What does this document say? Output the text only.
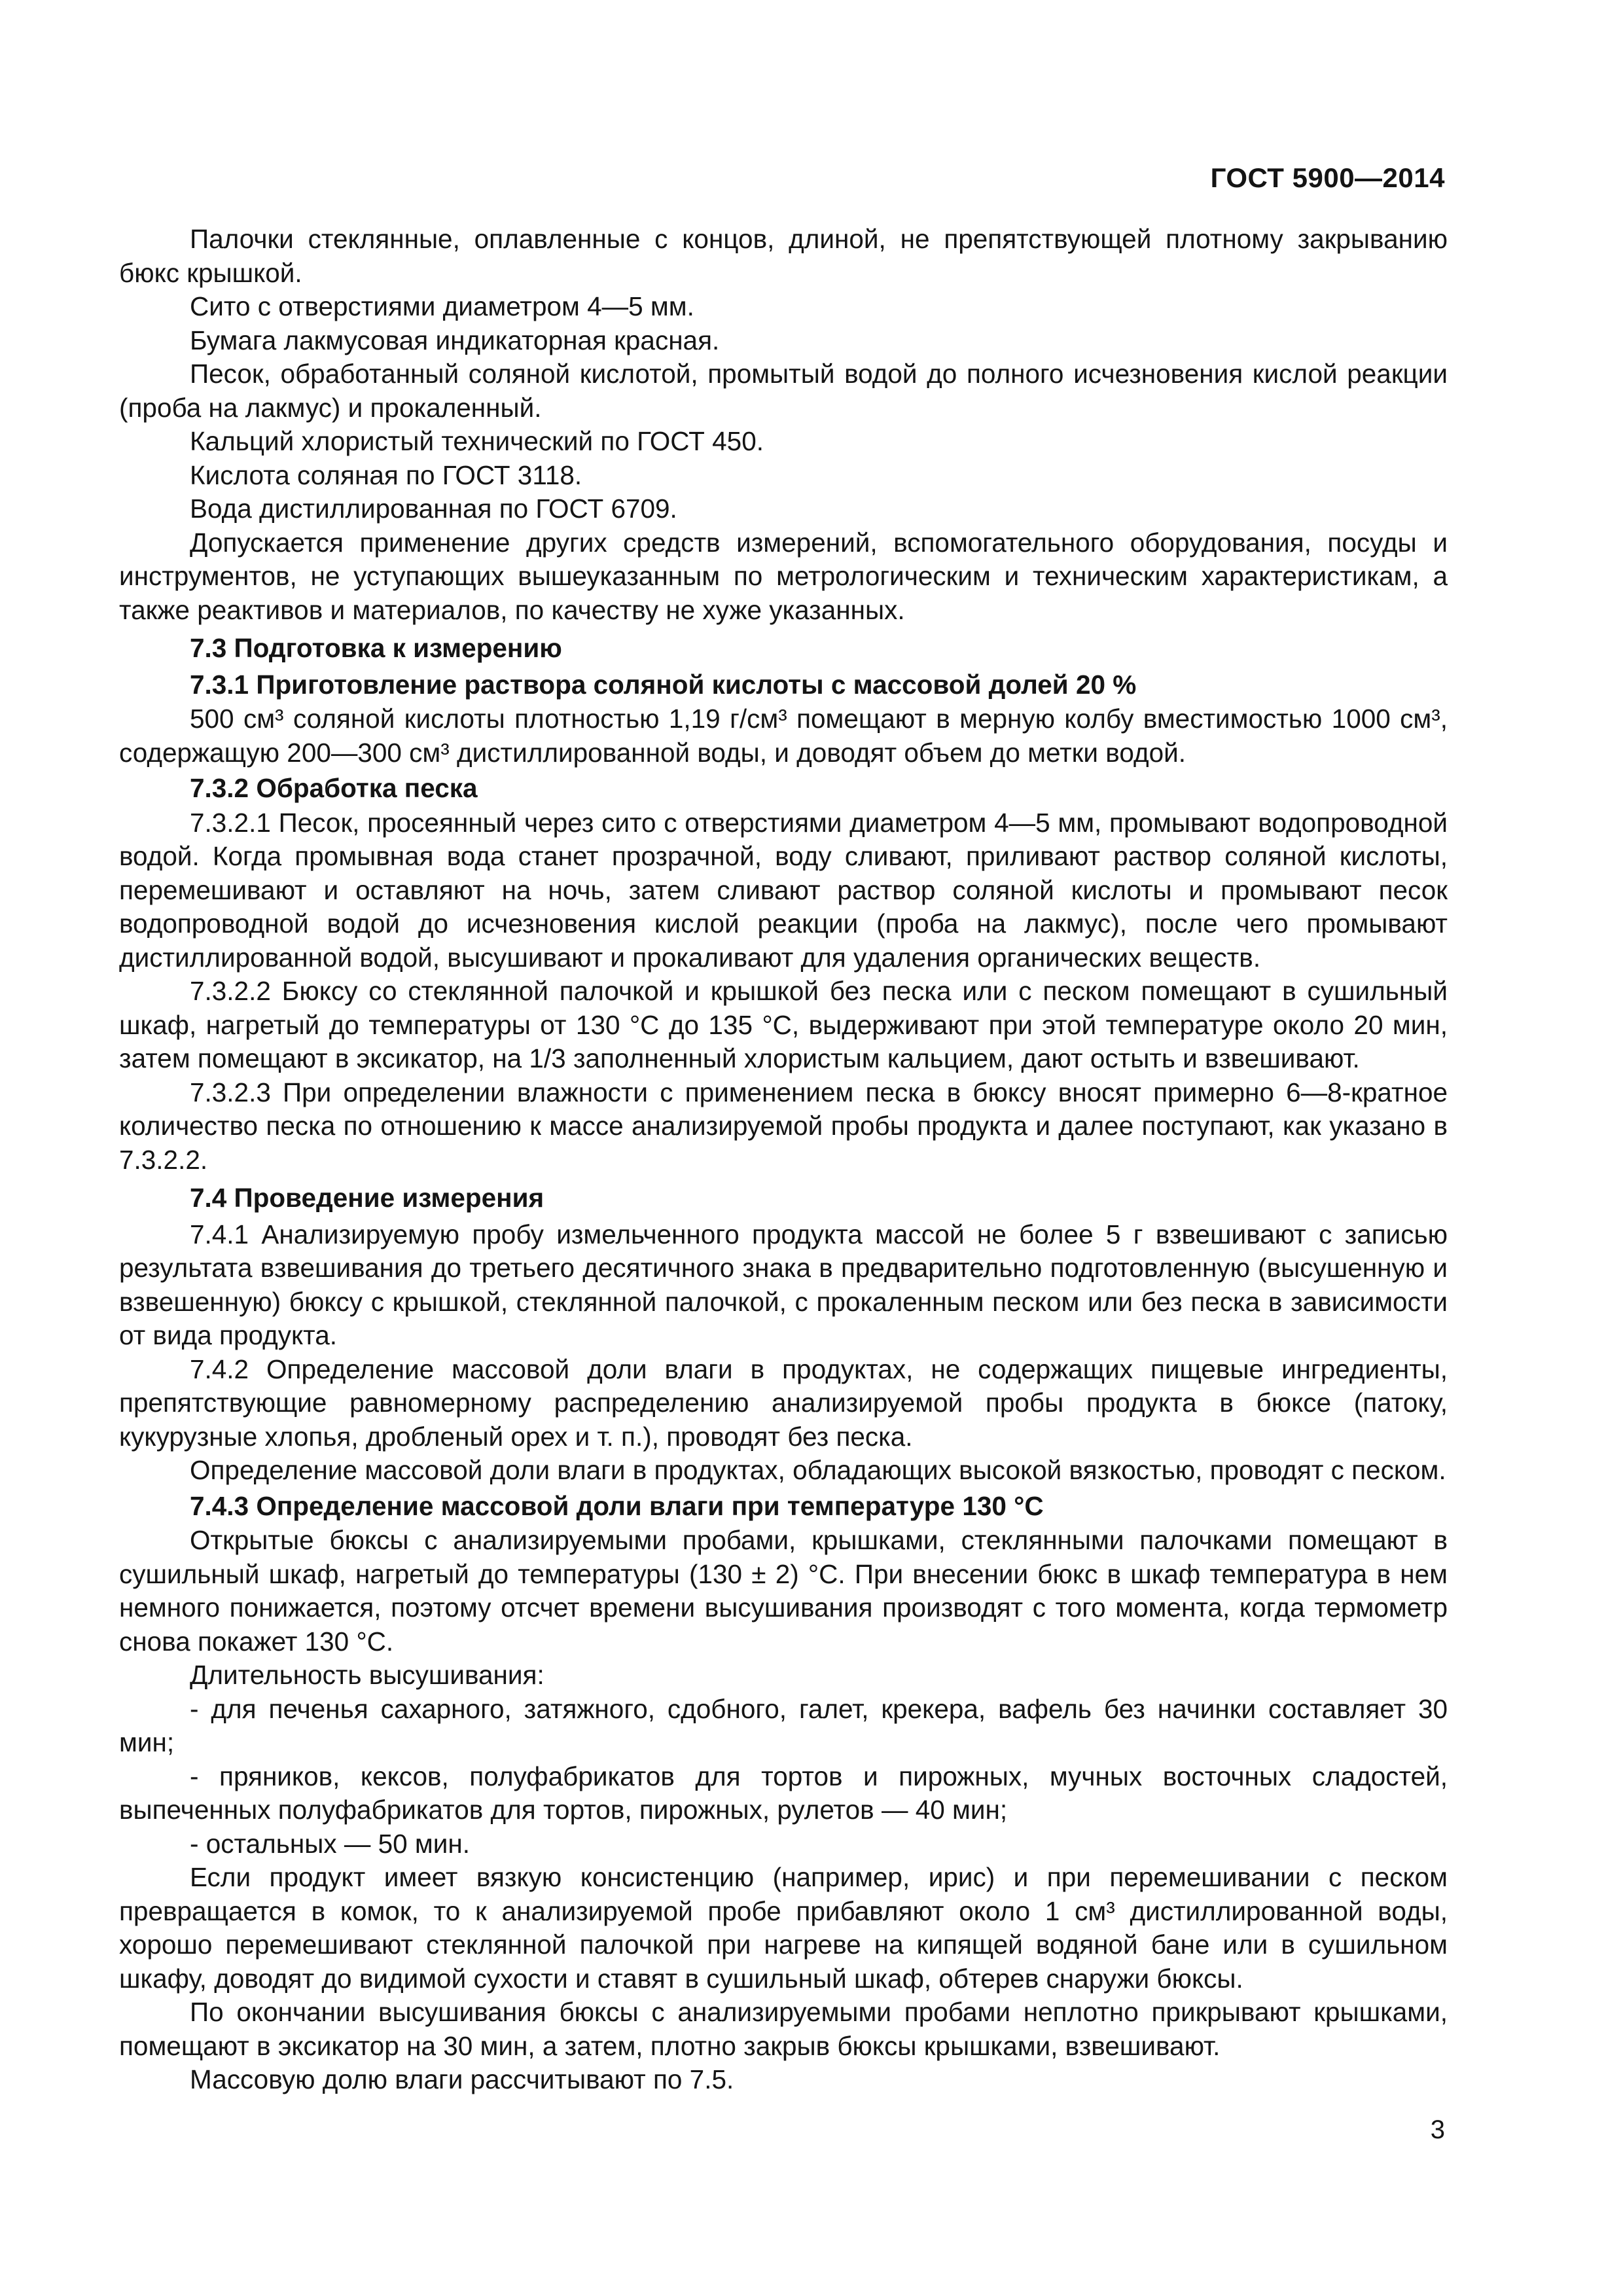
ГОСТ 5900—2014

Палочки стеклянные, оплавленные с концов, длиной, не препятствующей плотному закрыванию бюкс крышкой.

Сито с отверстиями диаметром 4—5 мм.

Бумага лакмусовая индикаторная красная.

Песок, обработанный соляной кислотой, промытый водой до полного исчезновения кислой реакции (проба на лакмус) и прокаленный.

Кальций хлористый технический по ГОСТ 450.

Кислота соляная по ГОСТ 3118.

Вода дистиллированная по ГОСТ 6709.

Допускается применение других средств измерений, вспомогательного оборудования, посуды и инструментов, не уступающих вышеуказанным по метрологическим и техническим характеристикам, а также реактивов и материалов, по качеству не хуже указанных.

7.3 Подготовка к измерению

7.3.1 Приготовление раствора соляной кислоты с массовой долей 20 %

500 см³ соляной кислоты плотностью 1,19 г/см³ помещают в мерную колбу вместимостью 1000 см³, содержащую 200—300 см³ дистиллированной воды, и доводят объем до метки водой.

7.3.2 Обработка песка

7.3.2.1 Песок, просеянный через сито с отверстиями диаметром 4—5 мм, промывают водопроводной водой. Когда промывная вода станет прозрачной, воду сливают, приливают раствор соляной кислоты, перемешивают и оставляют на ночь, затем сливают раствор соляной кислоты и промывают песок водопроводной водой до исчезновения кислой реакции (проба на лакмус), после чего промывают дистиллированной водой, высушивают и прокаливают для удаления органических веществ.

7.3.2.2 Бюксу со стеклянной палочкой и крышкой без песка или с песком помещают в сушильный шкаф, нагретый до температуры от 130 °C до 135 °C, выдерживают при этой температуре около 20 мин, затем помещают в эксикатор, на 1/3 заполненный хлористым кальцием, дают остыть и взвешивают.

7.3.2.3 При определении влажности с применением песка в бюксу вносят примерно 6—8-кратное количество песка по отношению к массе анализируемой пробы продукта и далее поступают, как указано в 7.3.2.2.

7.4 Проведение измерения

7.4.1 Анализируемую пробу измельченного продукта массой не более 5 г взвешивают с записью результата взвешивания до третьего десятичного знака в предварительно подготовленную (высушенную и взвешенную) бюксу с крышкой, стеклянной палочкой, с прокаленным песком или без песка в зависимости от вида продукта.

7.4.2 Определение массовой доли влаги в продуктах, не содержащих пищевые ингредиенты, препятствующие равномерному распределению анализируемой пробы продукта в бюксе (патоку, кукурузные хлопья, дробленый орех и т. п.), проводят без песка.

Определение массовой доли влаги в продуктах, обладающих высокой вязкостью, проводят с песком.

7.4.3 Определение массовой доли влаги при температуре 130 °C

Открытые бюксы с анализируемыми пробами, крышками, стеклянными палочками помещают в сушильный шкаф, нагретый до температуры (130 ± 2) °C. При внесении бюкс в шкаф температура в нем немного понижается, поэтому отсчет времени высушивания производят с того момента, когда термометр снова покажет 130 °C.

Длительность высушивания:

- для печенья сахарного, затяжного, сдобного, галет, крекера, вафель без начинки составляет 30 мин;

- пряников, кексов, полуфабрикатов для тортов и пирожных, мучных восточных сладостей, выпеченных полуфабрикатов для тортов, пирожных, рулетов — 40 мин;

- остальных — 50 мин.

Если продукт имеет вязкую консистенцию (например, ирис) и при перемешивании с песком превращается в комок, то к анализируемой пробе прибавляют около 1 см³ дистиллированной воды, хорошо перемешивают стеклянной палочкой при нагреве на кипящей водяной бане или в сушильном шкафу, доводят до видимой сухости и ставят в сушильный шкаф, обтерев снаружи бюксы.

По окончании высушивания бюксы с анализируемыми пробами неплотно прикрывают крышками, помещают в эксикатор на 30 мин, а затем, плотно закрыв бюксы крышками, взвешивают.

Массовую долю влаги рассчитывают по 7.5.

3
